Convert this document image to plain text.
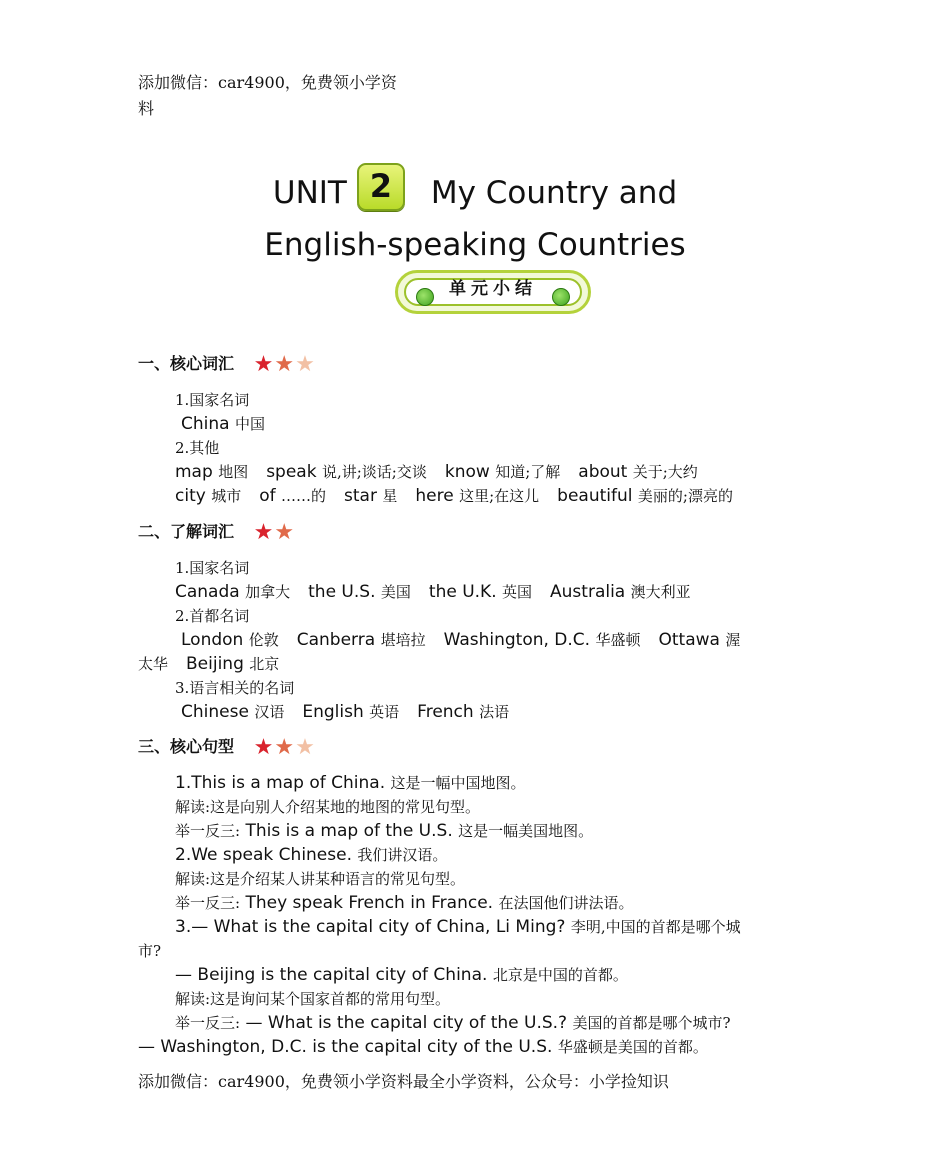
添加微信：car4900，免费领小学资
料
UNIT 2 My Country and
English-speaking Countries
单元小结
一、核心词汇 ★★★
1.国家名词
China 中国
2.其他
map 地图 speak 说,讲;谈话;交谈 know 知道;了解 about 关于;大约
city 城市 of ……的 star 星 here 这里;在这儿 beautiful 美丽的;漂亮的
二、了解词汇 ★★
1.国家名词
Canada 加拿大 the U.S. 美国 the U.K. 英国 Australia 澳大利亚
2.首都名词
London 伦敦 Canberra 堪培拉 Washington, D.C. 华盛顿 Ottawa 渥
太华 Beijing 北京
3.语言相关的名词
Chinese 汉语 English 英语 French 法语
三、核心句型 ★★★
1.This is a map of China. 这是一幅中国地图。
解读:这是向别人介绍某地的地图的常见句型。
举一反三: This is a map of the U.S. 这是一幅美国地图。
2.We speak Chinese. 我们讲汉语。
解读:这是介绍某人讲某种语言的常见句型。
举一反三: They speak French in France. 在法国他们讲法语。
3.— What is the capital city of China, Li Ming? 李明,中国的首都是哪个城
市?
— Beijing is the capital city of China. 北京是中国的首都。
解读:这是询问某个国家首都的常用句型。
举一反三: — What is the capital city of the U.S.? 美国的首都是哪个城市?
— Washington, D.C. is the capital city of the U.S. 华盛顿是美国的首都。
添加微信：car4900，免费领小学资料最全小学资料，公众号：小学捡知识
